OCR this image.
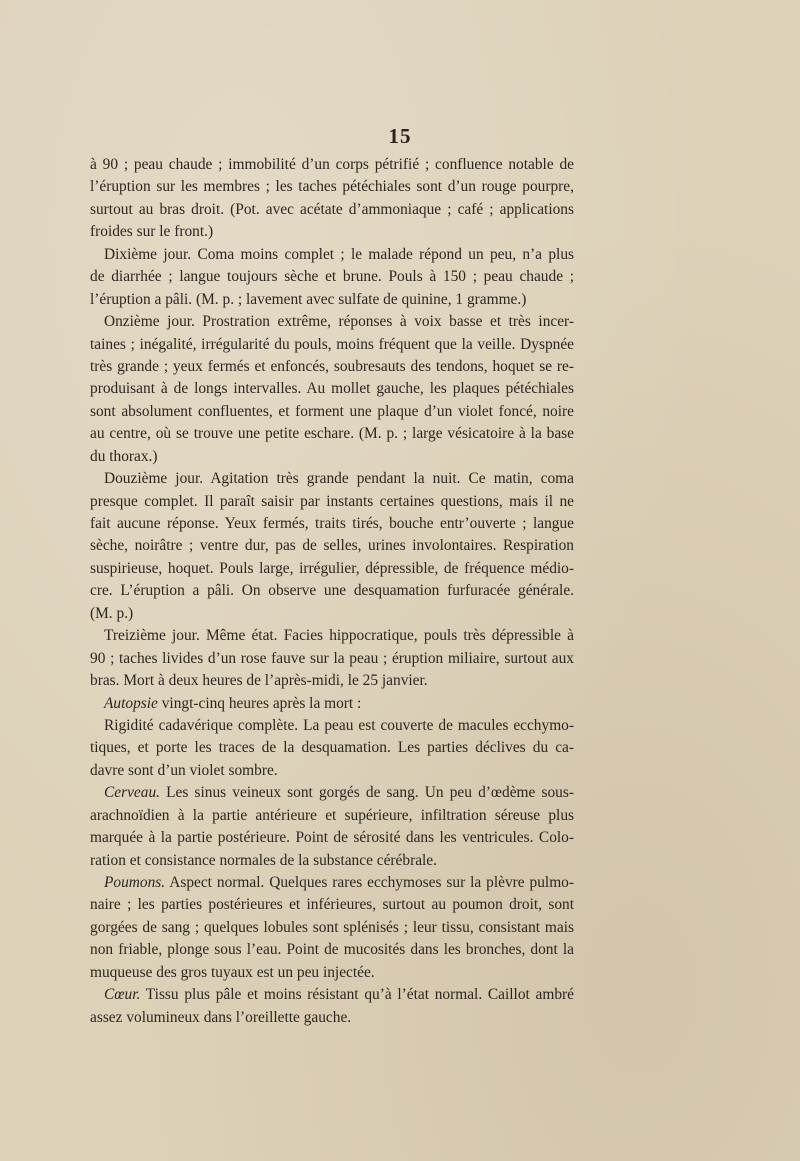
15
à 90 ; peau chaude ; immobilité d’un corps pétrifié ; confluence notable de
l’éruption sur les membres ; les taches pétéchiales sont d’un rouge pourpre,
surtout au bras droit. (Pot. avec acétate d’ammoniaque ; café ; applications
froides sur le front.)
Dixième jour. Coma moins complet ; le malade répond un peu, n’a plus
de diarrhée ; langue toujours sèche et brune. Pouls à 150 ; peau chaude ;
l’éruption a pâli. (M. p. ; lavement avec sulfate de quinine, 1 gramme.)
Onzième jour. Prostration extrême, réponses à voix basse et très incer-
taines ; inégalité, irrégularité du pouls, moins fréquent que la veille. Dyspnée
très grande ; yeux fermés et enfoncés, soubresauts des tendons, hoquet se re-
produisant à de longs intervalles. Au mollet gauche, les plaques pétéchiales
sont absolument confluentes, et forment une plaque d’un violet foncé, noire
au centre, où se trouve une petite eschare. (M. p. ; large vésicatoire à la base
du thorax.)
Douzième jour. Agitation très grande pendant la nuit. Ce matin, coma
presque complet. Il paraît saisir par instants certaines questions, mais il ne
fait aucune réponse. Yeux fermés, traits tirés, bouche entr’ouverte ; langue
sèche, noirâtre ; ventre dur, pas de selles, urines involontaires. Respiration
suspirieuse, hoquet. Pouls large, irrégulier, dépressible, de fréquence médio-
cre. L’éruption a pâli. On observe une desquamation furfuracée générale.
(M. p.)
Treizième jour. Même état. Facies hippocratique, pouls très dépressible à
90 ; taches livides d’un rose fauve sur la peau ; éruption miliaire, surtout aux
bras. Mort à deux heures de l’après-midi, le 25 janvier.
Autopsie vingt-cinq heures après la mort :
Rigidité cadavérique complète. La peau est couverte de macules ecchymo-
tiques, et porte les traces de la desquamation. Les parties déclives du ca-
davre sont d’un violet sombre.
Cerveau. Les sinus veineux sont gorgés de sang. Un peu d’œdème sous-
arachnoïdien à la partie antérieure et supérieure, infiltration séreuse plus
marquée à la partie postérieure. Point de sérosité dans les ventricules. Colo-
ration et consistance normales de la substance cérébrale.
Poumons. Aspect normal. Quelques rares ecchymoses sur la plèvre pulmo-
naire ; les parties postérieures et inférieures, surtout au poumon droit, sont
gorgées de sang ; quelques lobules sont splénisés ; leur tissu, consistant mais
non friable, plonge sous l’eau. Point de mucosités dans les bronches, dont la
muqueuse des gros tuyaux est un peu injectée.
Cœur. Tissu plus pâle et moins résistant qu’à l’état normal. Caillot ambré
assez volumineux dans l’oreillette gauche.
